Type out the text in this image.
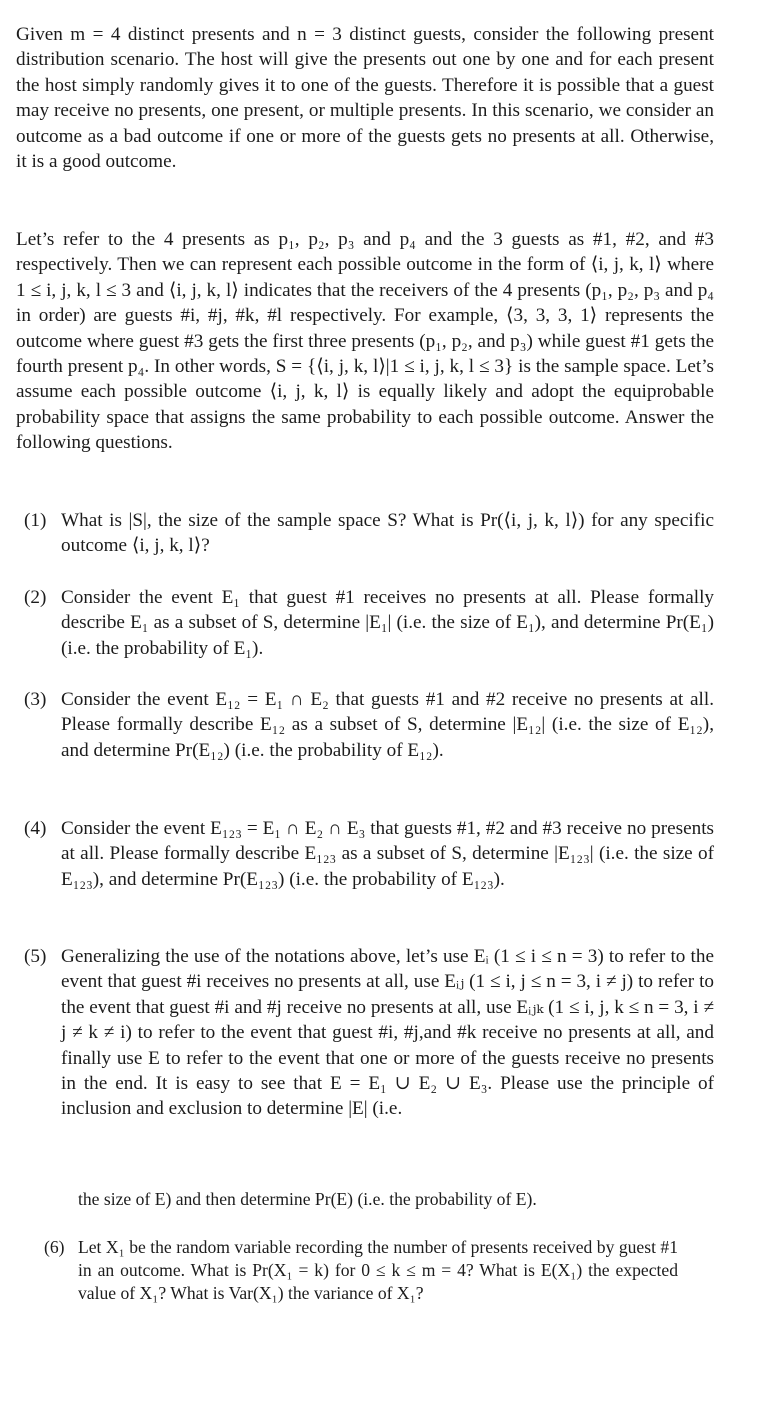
Given m = 4 distinct presents and n = 3 distinct guests, consider the following present distribution scenario. The host will give the presents out one by one and for each present the host simply randomly gives it to one of the guests. Therefore it is possible that a guest may receive no presents, one present, or multiple presents. In this scenario, we consider an outcome as a bad outcome if one or more of the guests gets no presents at all. Otherwise, it is a good outcome.

Let’s refer to the 4 presents as p₁, p₂, p₃ and p₄ and the 3 guests as #1, #2, and #3 respectively. Then we can represent each possible outcome in the form of ⟨i, j, k, l⟩ where 1 ≤ i, j, k, l ≤ 3 and ⟨i, j, k, l⟩ indicates that the receivers of the 4 presents (p₁, p₂, p₃ and p₄ in order) are guests #i, #j, #k, #l respectively. For example, ⟨3, 3, 3, 1⟩ represents the outcome where guest #3 gets the first three presents (p₁, p₂, and p₃) while guest #1 gets the fourth present p₄. In other words, S = {⟨i, j, k, l⟩|1 ≤ i, j, k, l ≤ 3} is the sample space. Let’s assume each possible outcome ⟨i, j, k, l⟩ is equally likely and adopt the equiprobable probability space that assigns the same probability to each possible outcome. Answer the following questions.

(1) What is |S|, the size of the sample space S? What is Pr(⟨i, j, k, l⟩) for any specific outcome ⟨i, j, k, l⟩?
(2) Consider the event E₁ that guest #1 receives no presents at all. Please formally describe E₁ as a subset of S, determine |E₁| (i.e. the size of E₁), and determine Pr(E₁) (i.e. the probability of E₁).
(3) Consider the event E₁₂ = E₁ ∩ E₂ that guests #1 and #2 receive no presents at all. Please formally describe E₁₂ as a subset of S, determine |E₁₂| (i.e. the size of E₁₂), and determine Pr(E₁₂) (i.e. the probability of E₁₂).
(4) Consider the event E₁₂₃ = E₁ ∩ E₂ ∩ E₃ that guests #1, #2 and #3 receive no presents at all. Please formally describe E₁₂₃ as a subset of S, determine |E₁₂₃| (i.e. the size of E₁₂₃), and determine Pr(E₁₂₃) (i.e. the probability of E₁₂₃).
(5) Generalizing the use of the notations above, let’s use Eᵢ (1 ≤ i ≤ n = 3) to refer to the event that guest #i receives no presents at all, use Eᵢⱼ (1 ≤ i, j ≤ n = 3, i ≠ j) to refer to the event that guest #i and #j receive no presents at all, use Eᵢⱼₖ (1 ≤ i, j, k ≤ n = 3, i ≠ j ≠ k ≠ i) to refer to the event that guest #i, #j,and #k receive no presents at all, and finally use E to refer to the event that one or more of the guests receive no presents in the end. It is easy to see that E = E₁ ∪ E₂ ∪ E₃. Please use the principle of inclusion and exclusion to determine |E| (i.e.

the size of E) and then determine Pr(E) (i.e. the probability of E).

(6) Let X₁ be the random variable recording the number of presents received by guest #1 in an outcome. What is Pr(X₁ = k) for 0 ≤ k ≤ m = 4? What is E(X₁) the expected value of X₁? What is Var(X₁) the variance of X₁?
